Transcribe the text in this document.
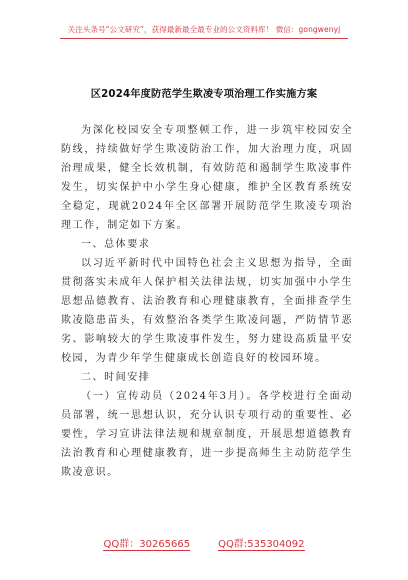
关注头条号“公文研究”，获得最新最全最专业的公文资料库！ 微信：gongwenyj
区2024年度防范学生欺凌专项治理工作实施方案

为深化校园安全专项整顿工作，进一步筑牢校园安全防线，持续做好学生欺凌防治工作，加大治理力度，巩固治理成果，健全长效机制，有效防范和遏制学生欺凌事件发生，切实保护中小学生身心健康，维护全区教育系统安全稳定，现就2024年全区部署开展防范学生欺凌专项治理工作，制定如下方案。

一、总体要求

以习近平新时代中国特色社会主义思想为指导，全面贯彻落实未成年人保护相关法律法规，切实加强中小学生思想品德教育、法治教育和心理健康教育，全面排查学生欺凌隐患苗头，有效整治各类学生欺凌问题，严防情节恶劣、影响较大的学生欺凌事件发生，努力建设高质量平安校园，为青少年学生健康成长创造良好的校园环境。

二、时间安排

（一）宣传动员（2024年3月）。各学校进行全面动员部署，统一思想认识，充分认识专项行动的重要性、必要性，学习宣讲法律法规和规章制度，开展思想道德教育法治教育和心理健康教育，进一步提高师生主动防范学生欺凌意识。

QQ群：30265665	QQ群:535304092
